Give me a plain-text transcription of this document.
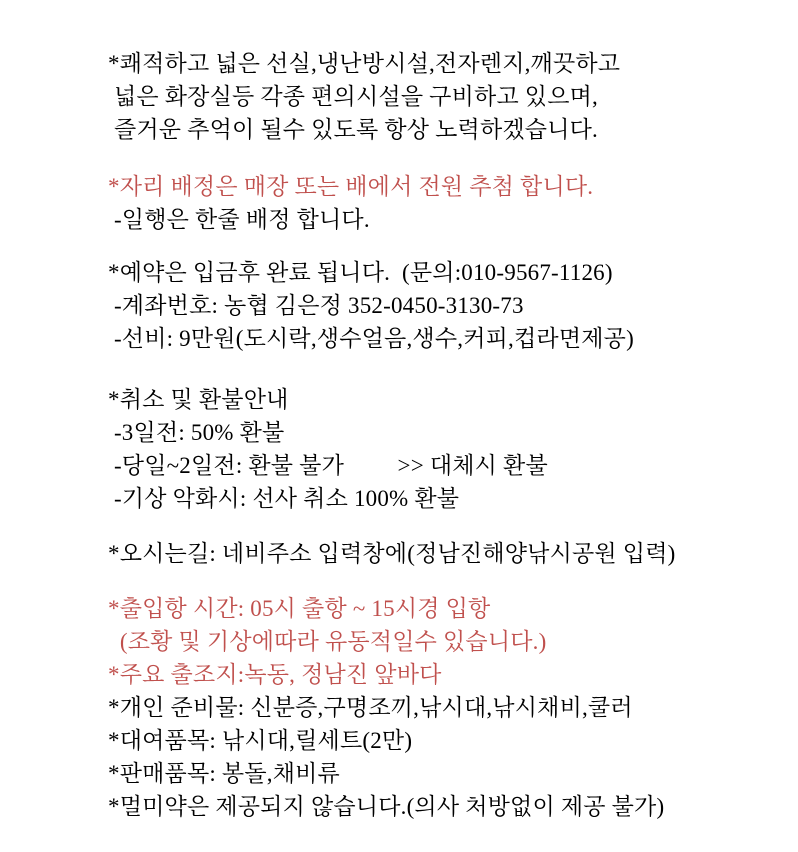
*쾌적하고 넓은 선실,냉난방시설,전자렌지,깨끗하고
넓은 화장실등 각종 편의시설을 구비하고 있으며,
즐거운 추억이 될수 있도록 항상 노력하겠습니다.
*자리 배정은 매장 또는 배에서 전원 추첨 합니다.
-일행은 한줄 배정 합니다.
*예약은 입금후 완료 됩니다.  (문의:010-9567-1126)
-계좌번호: 농협 김은정 352-0450-3130-73
-선비: 9만원(도시락,생수얼음,생수,커피,컵라면제공)
*취소 및 환불안내
-3일전: 50% 환불
-당일~2일전: 환불 불가         >> 대체시 환불
-기상 악화시: 선사 취소 100% 환불
*오시는길: 네비주소 입력창에(정남진해양낚시공원 입력)
*출입항 시간: 05시 출항 ~ 15시경 입항
(조황 및 기상에따라 유동적일수 있습니다.)
*주요 출조지:녹동, 정남진 앞바다
*개인 준비물: 신분증,구명조끼,낚시대,낚시채비,쿨러
*대여품목: 낚시대,릴세트(2만)
*판매품목: 봉돌,채비류
*멀미약은 제공되지 않습니다.(의사 처방없이 제공 불가)
